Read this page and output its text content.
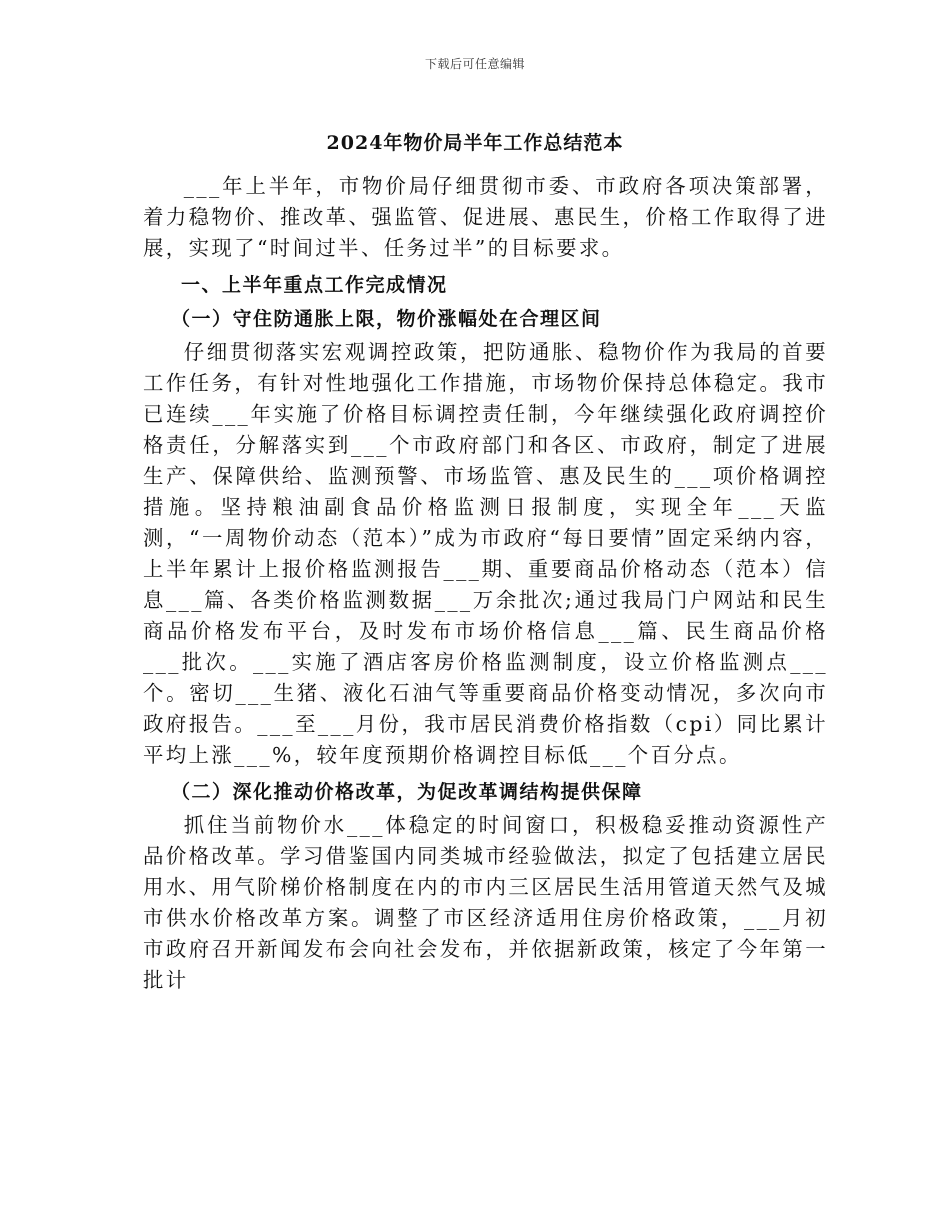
下载后可任意编辑
2024年物价局半年工作总结范本

___年上半年，市物价局仔细贯彻市委、市政府各项决策部署，着力稳物价、推改革、强监管、促进展、惠民生，价格工作取得了进展，实现了“时间过半、任务过半”的目标要求。

一、上半年重点工作完成情况
（一）守住防通胀上限，物价涨幅处在合理区间

仔细贯彻落实宏观调控政策，把防通胀、稳物价作为我局的首要工作任务，有针对性地强化工作措施，市场物价保持总体稳定。我市已连续___年实施了价格目标调控责任制，今年继续强化政府调控价格责任，分解落实到___个市政府部门和各区、市政府，制定了进展生产、保障供给、监测预警、市场监管、惠及民生的___项价格调控措施。坚持粮油副食品价格监测日报制度，实现全年___天监测，“一周物价动态（范本）”成为市政府“每日要情”固定采纳内容，上半年累计上报价格监测报告___期、重要商品价格动态（范本）信息___篇、各类价格监测数据___万余批次;通过我局门户网站和民生商品价格发布平台，及时发布市场价格信息___篇、民生商品价格___批次。___实施了酒店客房价格监测制度，设立价格监测点___个。密切___生猪、液化石油气等重要商品价格变动情况，多次向市政府报告。___至___月份，我市居民消费价格指数（cpi）同比累计平均上涨___%，较年度预期价格调控目标低___个百分点。

（二）深化推动价格改革，为促改革调结构提供保障

抓住当前物价水___体稳定的时间窗口，积极稳妥推动资源性产品价格改革。学习借鉴国内同类城市经验做法，拟定了包括建立居民用水、用气阶梯价格制度在内的市内三区居民生活用管道天然气及城市供水价格改革方案。调整了市区经济适用住房价格政策，___月初市政府召开新闻发布会向社会发布，并依据新政策，核定了今年第一批计
